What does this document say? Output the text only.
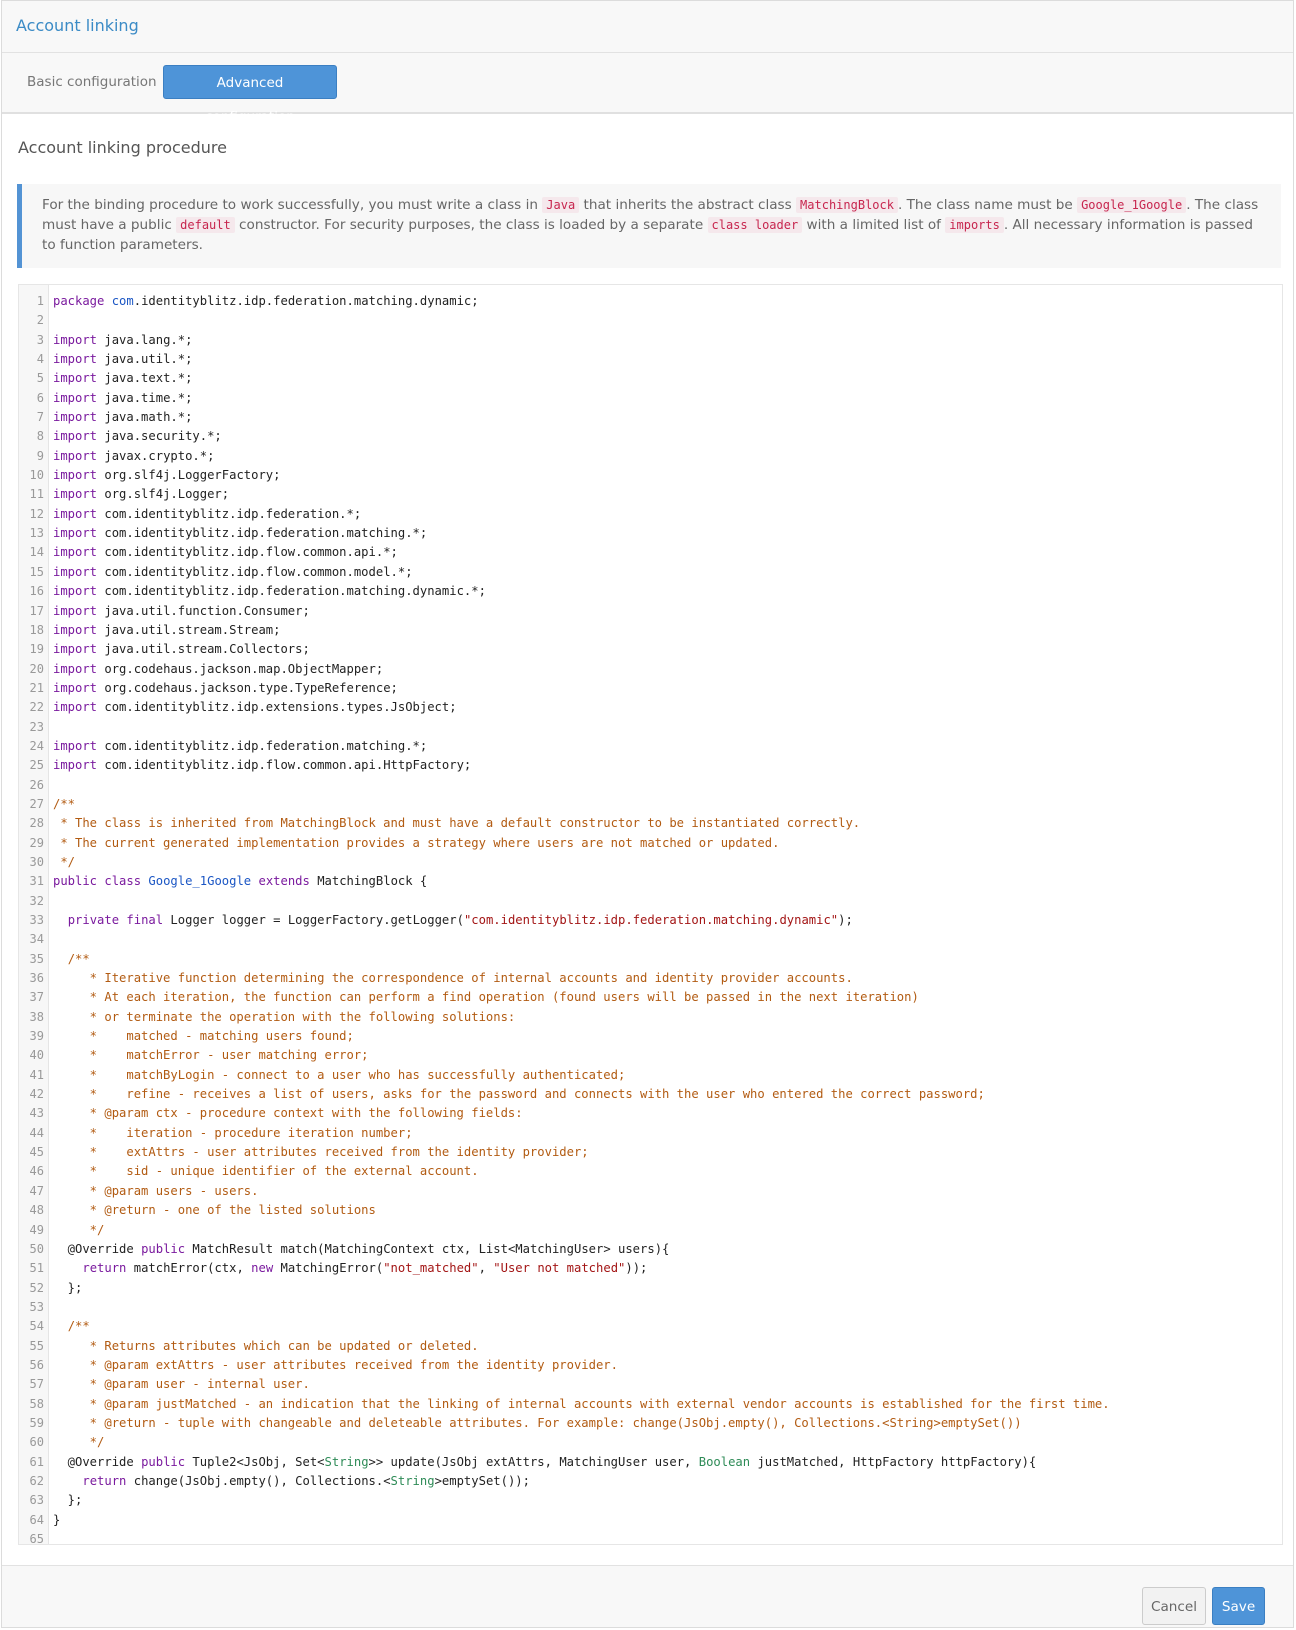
Account linking
Basic configuration	Advanced configuration
Account linking procedure
For the binding procedure to work successfully, you must write a class in Java that inherits the abstract class MatchingBlock . The class name must be Google_1Google . The class must have a public default constructor. For security purposes, the class is loaded by a separate class loader with a limited list of imports . All necessary information is passed to function parameters.
1 package com.identityblitz.idp.federation.matching.dynamic;
2
3 import java.lang.*;
4 import java.util.*;
5 import java.text.*;
6 import java.time.*;
7 import java.math.*;
8 import java.security.*;
9 import javax.crypto.*;
10 import org.slf4j.LoggerFactory;
11 import org.slf4j.Logger;
12 import com.identityblitz.idp.federation.*;
13 import com.identityblitz.idp.federation.matching.*;
14 import com.identityblitz.idp.flow.common.api.*;
15 import com.identityblitz.idp.flow.common.model.*;
16 import com.identityblitz.idp.federation.matching.dynamic.*;
17 import java.util.function.Consumer;
18 import java.util.stream.Stream;
19 import java.util.stream.Collectors;
20 import org.codehaus.jackson.map.ObjectMapper;
21 import org.codehaus.jackson.type.TypeReference;
22 import com.identityblitz.idp.extensions.types.JsObject;
23
24 import com.identityblitz.idp.federation.matching.*;
25 import com.identityblitz.idp.flow.common.api.HttpFactory;
26
27 /**
28 * The class is inherited from MatchingBlock and must have a default constructor to be instantiated correctly.
29 * The current generated implementation provides a strategy where users are not matched or updated.
30 */
31 public class Google_1Google extends MatchingBlock {
32
33	private final Logger logger = LoggerFactory.getLogger("com.identityblitz.idp.federation.matching.dynamic");
34
35	/**
36 * Iterative function determining the correspondence of internal accounts and identity provider accounts.
37 * At each iteration, the function can perform a find operation (found users will be passed in the next iteration)
38 * or terminate the operation with the following solutions:
39 *    matched - matching users found;
40 *    matchError - user matching error;
41 *    matchByLogin - connect to a user who has successfully authenticated;
42 *    refine - receives a list of users, asks for the password and connects with the user who entered the correct password;
43 * @param ctx - procedure context with the following fields:
44 *    iteration - procedure iteration number;
45 *    extAttrs - user attributes received from the identity provider;
46 *    sid - unique identifier of the external account.
47 * @param users - users.
48 * @return - one of the listed solutions
49 */
50 @Override public MatchResult match(MatchingContext ctx, List<MatchingUser> users){
51	return matchError(ctx, new MatchingError("not_matched", "User not matched"));
52 };
53
54	/**
55 * Returns attributes which can be updated or deleted.
56 * @param extAttrs - user attributes received from the identity provider.
57 * @param user - internal user.
58 * @param justMatched - an indication that the linking of internal accounts with external vendor accounts is established for the first time.
59 * @return - tuple with changeable and deleteable attributes. For example: change(JsObj.empty(), Collections.<String>emptySet())
60 */
61 @Override public Tuple2<JsObj, Set<String>> update(JsObj extAttrs, MatchingUser user, Boolean justMatched, HttpFactory httpFactory){
62	return change(JsObj.empty(), Collections.<String>emptySet());
63 };
64 }
65
Cancel	Save
